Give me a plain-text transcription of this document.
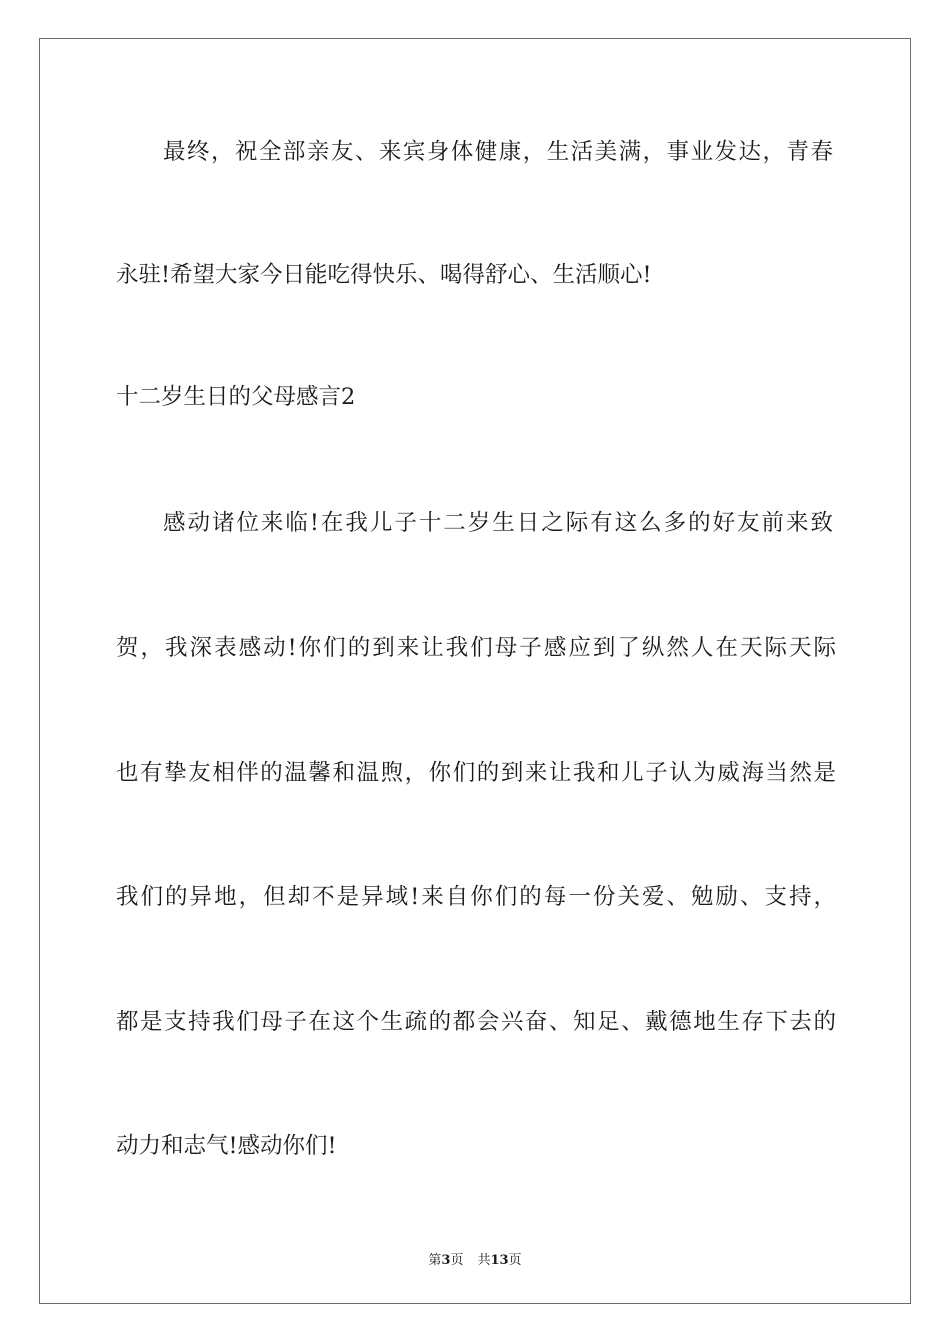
最终，祝全部亲友、来宾身体健康，生活美满，事业发达，青春
永驻!希望大家今日能吃得快乐、喝得舒心、生活顺心!
十二岁生日的父母感言2
感动诸位来临!在我儿子十二岁生日之际有这么多的好友前来致
贺，我深表感动!你们的到来让我们母子感应到了纵然人在天际天际
也有挚友相伴的温馨和温煦，你们的到来让我和儿子认为威海当然是
我们的异地，但却不是异域!来自你们的每一份关爱、勉励、支持，
都是支持我们母子在这个生疏的都会兴奋、知足、戴德地生存下去的
动力和志气!感动你们!
第3页 共13页
